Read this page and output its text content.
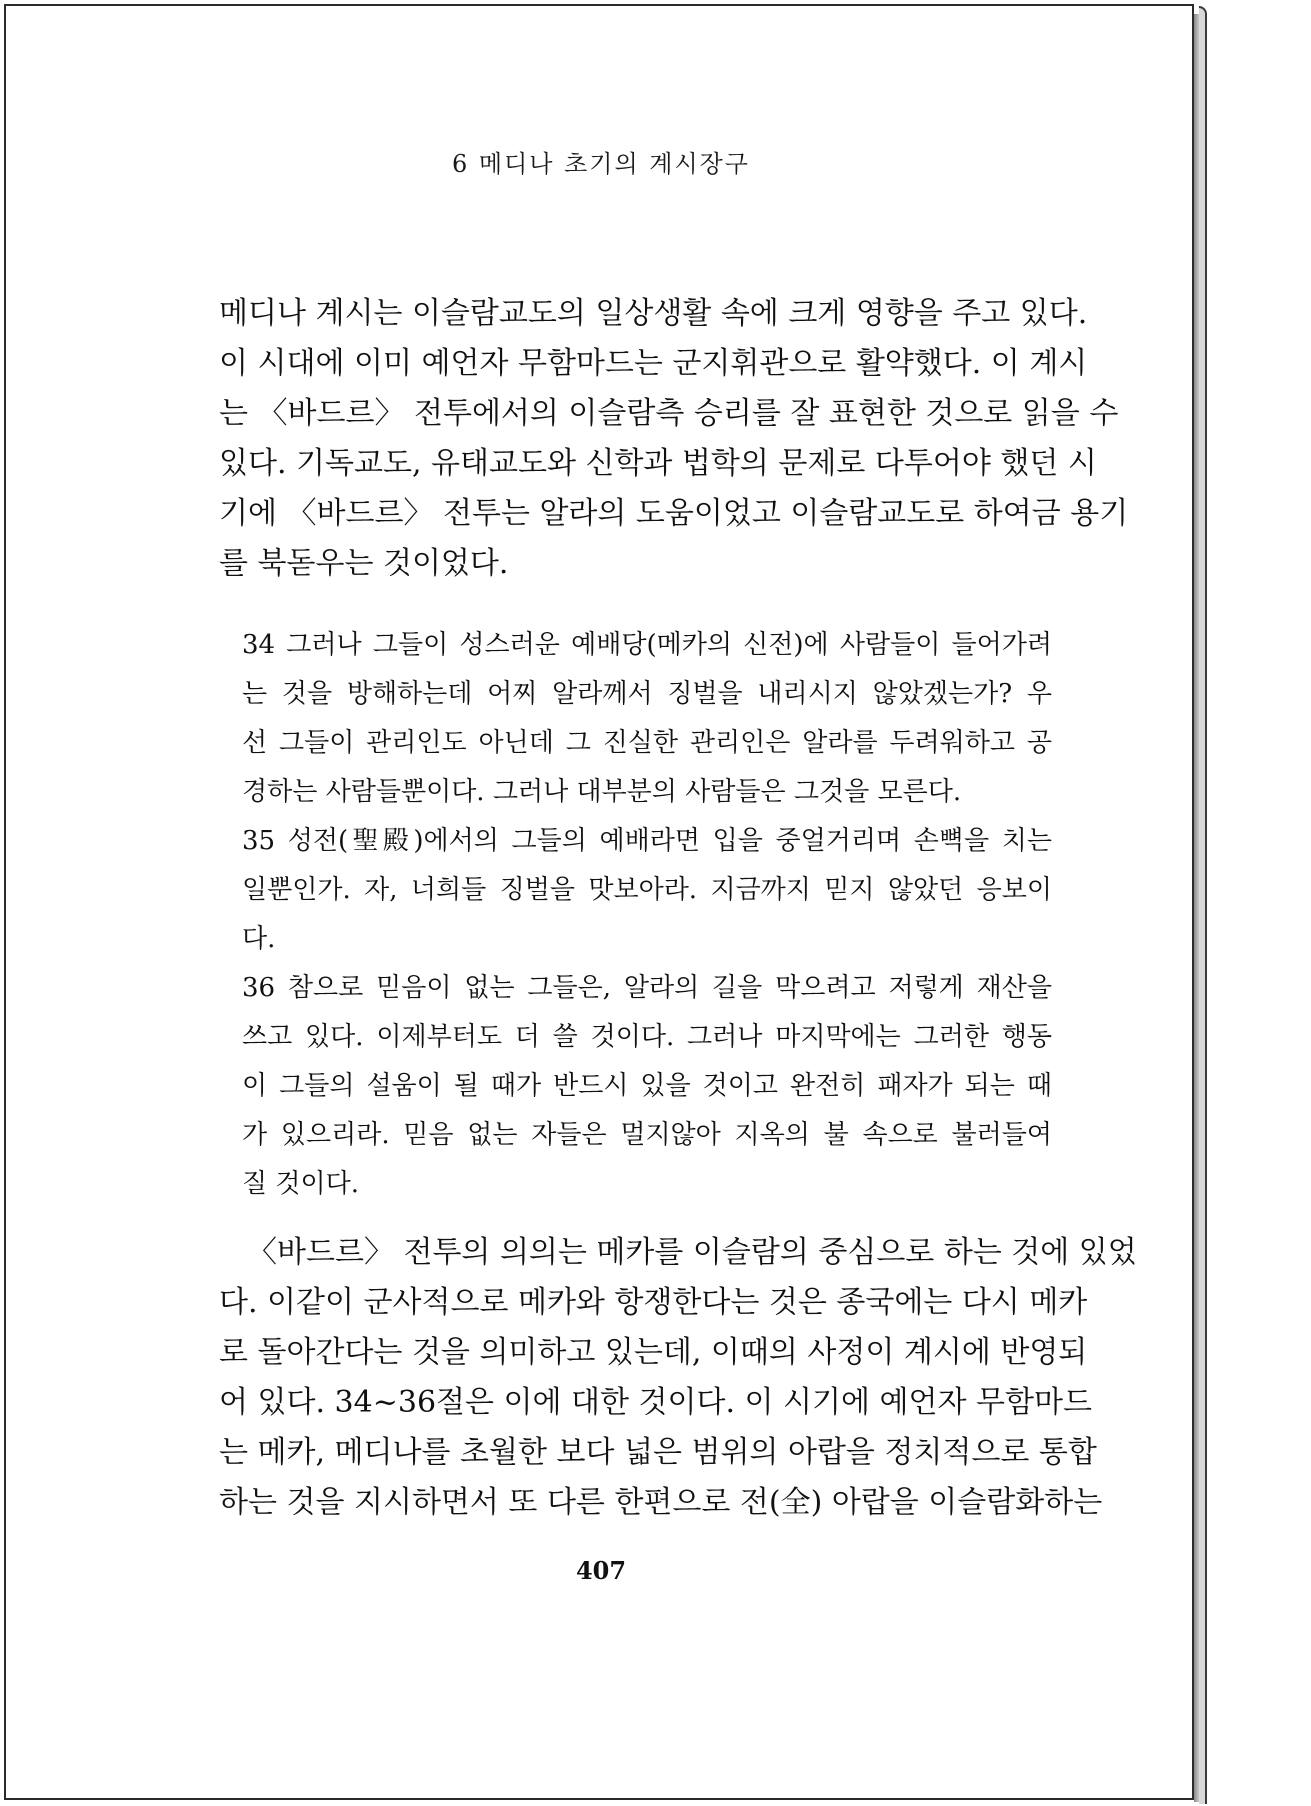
6 메디나 초기의 계시장구
메디나 계시는 이슬람교도의 일상생활 속에 크게 영향을 주고 있다.
이 시대에 이미 예언자 무함마드는 군지휘관으로 활약했다. 이 계시
는 〈바드르〉 전투에서의 이슬람측 승리를 잘 표현한 것으로 읽을 수
있다. 기독교도, 유태교도와 신학과 법학의 문제로 다투어야 했던 시
기에 〈바드르〉 전투는 알라의 도움이었고 이슬람교도로 하여금 용기
를 북돋우는 것이었다.
34 그러나 그들이 성스러운 예배당(메카의 신전)에 사람들이 들어가려
는 것을 방해하는데 어찌 알라께서 징벌을 내리시지 않았겠는가? 우
선 그들이 관리인도 아닌데 그 진실한 관리인은 알라를 두려워하고 공
경하는 사람들뿐이다. 그러나 대부분의 사람들은 그것을 모른다.
35 성전(聖殿)에서의 그들의 예배라면 입을 중얼거리며 손뼉을 치는
일뿐인가. 자, 너희들 징벌을 맛보아라. 지금까지 믿지 않았던 응보이
다.
36 참으로 믿음이 없는 그들은, 알라의 길을 막으려고 저렇게 재산을
쓰고 있다. 이제부터도 더 쓸 것이다. 그러나 마지막에는 그러한 행동
이 그들의 설움이 될 때가 반드시 있을 것이고 완전히 패자가 되는 때
가 있으리라. 믿음 없는 자들은 멀지않아 지옥의 불 속으로 불러들여
질 것이다.
〈바드르〉 전투의 의의는 메카를 이슬람의 중심으로 하는 것에 있었
다. 이같이 군사적으로 메카와 항쟁한다는 것은 종국에는 다시 메카
로 돌아간다는 것을 의미하고 있는데, 이때의 사정이 계시에 반영되
어 있다. 34~36절은 이에 대한 것이다. 이 시기에 예언자 무함마드
는 메카, 메디나를 초월한 보다 넓은 범위의 아랍을 정치적으로 통합
하는 것을 지시하면서 또 다른 한편으로 전(全) 아랍을 이슬람화하는
407
